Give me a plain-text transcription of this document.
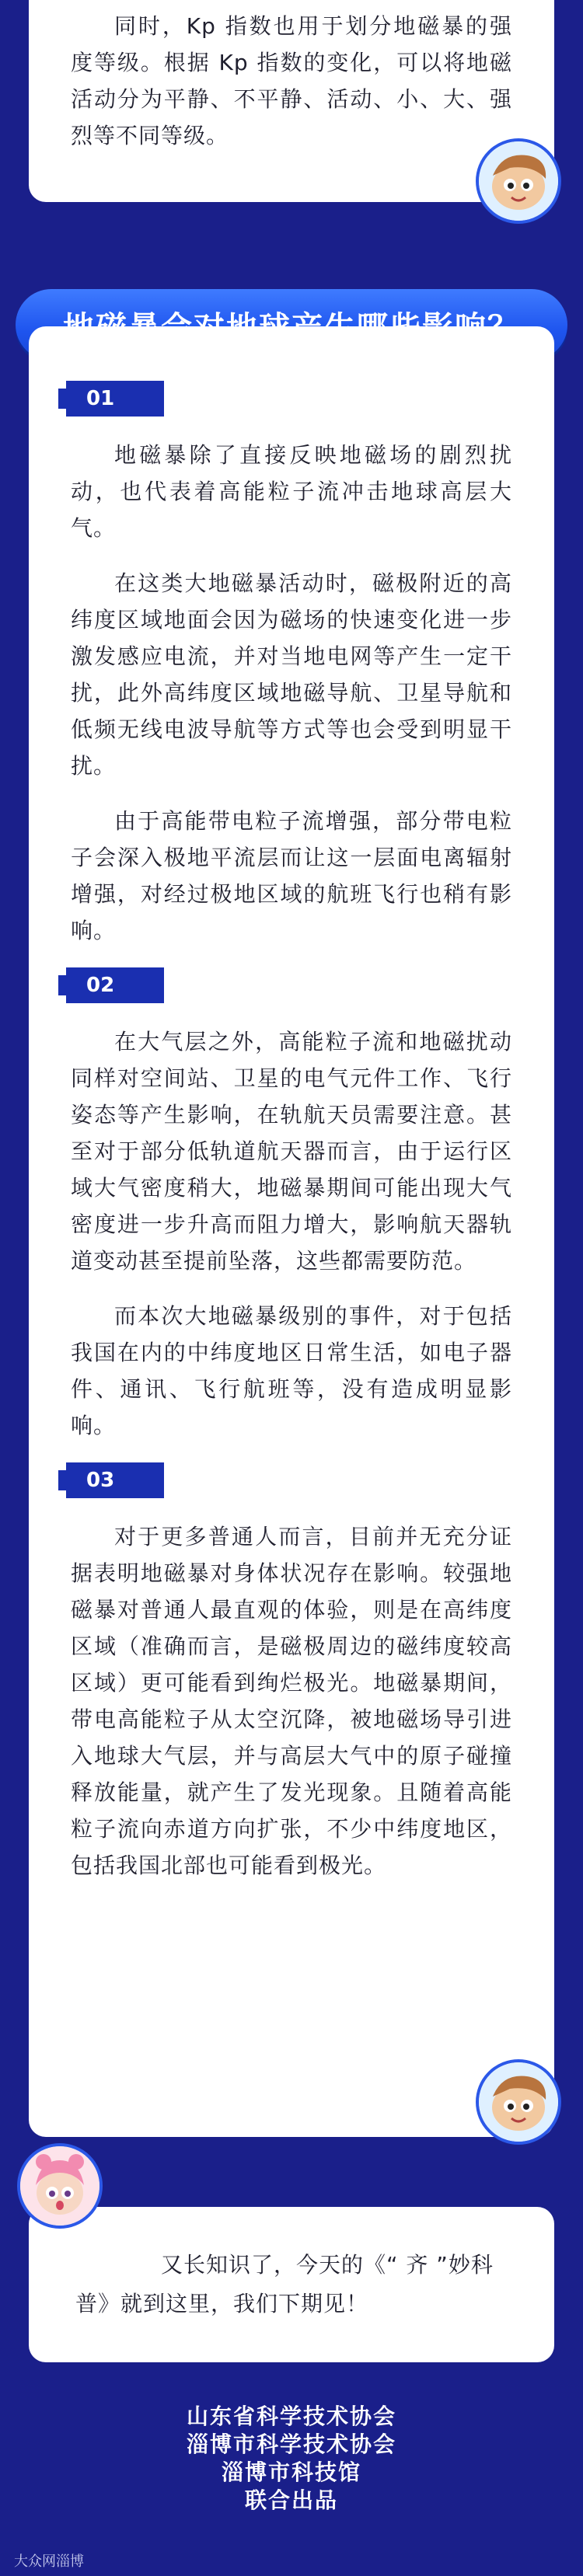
同时，Kp 指数也用于划分地磁暴的强度等级。根据 Kp 指数的变化，可以将地磁活动分为平静、不平静、活动、小、大、强烈等不同等级。

01

地磁暴除了直接反映地磁场的剧烈扰动，也代表着高能粒子流冲击地球高层大气。

在这类大地磁暴活动时，磁极附近的高纬度区域地面会因为磁场的快速变化进一步激发感应电流，并对当地电网等产生一定干扰，此外高纬度区域地磁导航、卫星导航和低频无线电波导航等方式等也会受到明显干扰。

由于高能带电粒子流增强，部分带电粒子会深入极地平流层而让这一层面电离辐射增强，对经过极地区域的航班飞行也稍有影响。

02

在大气层之外，高能粒子流和地磁扰动同样对空间站、卫星的电气元件工作、飞行姿态等产生影响，在轨航天员需要注意。甚至对于部分低轨道航天器而言，由于运行区域大气密度稍大，地磁暴期间可能出现大气密度进一步升高而阻力增大，影响航天器轨道变动甚至提前坠落，这些都需要防范。

而本次大地磁暴级别的事件，对于包括我国在内的中纬度地区日常生活，如电子器件、通讯、飞行航班等，没有造成明显影响。

03

对于更多普通人而言，目前并无充分证据表明地磁暴对身体状况存在影响。较强地磁暴对普通人最直观的体验，则是在高纬度区域（准确而言，是磁极周边的磁纬度较高区域）更可能看到绚烂极光。地磁暴期间，带电高能粒子从太空沉降，被地磁场导引进入地球大气层，并与高层大气中的原子碰撞释放能量，就产生了发光现象。且随着高能粒子流向赤道方向扩张，不少中纬度地区，包括我国北部也可能看到极光。

又长知识了，今天的《“ 齐 ”妙科普》就到这里，我们下期见！

山东省科学技术协会
淄博市科学技术协会
淄博市科技馆
联合出品
大众网淄博
